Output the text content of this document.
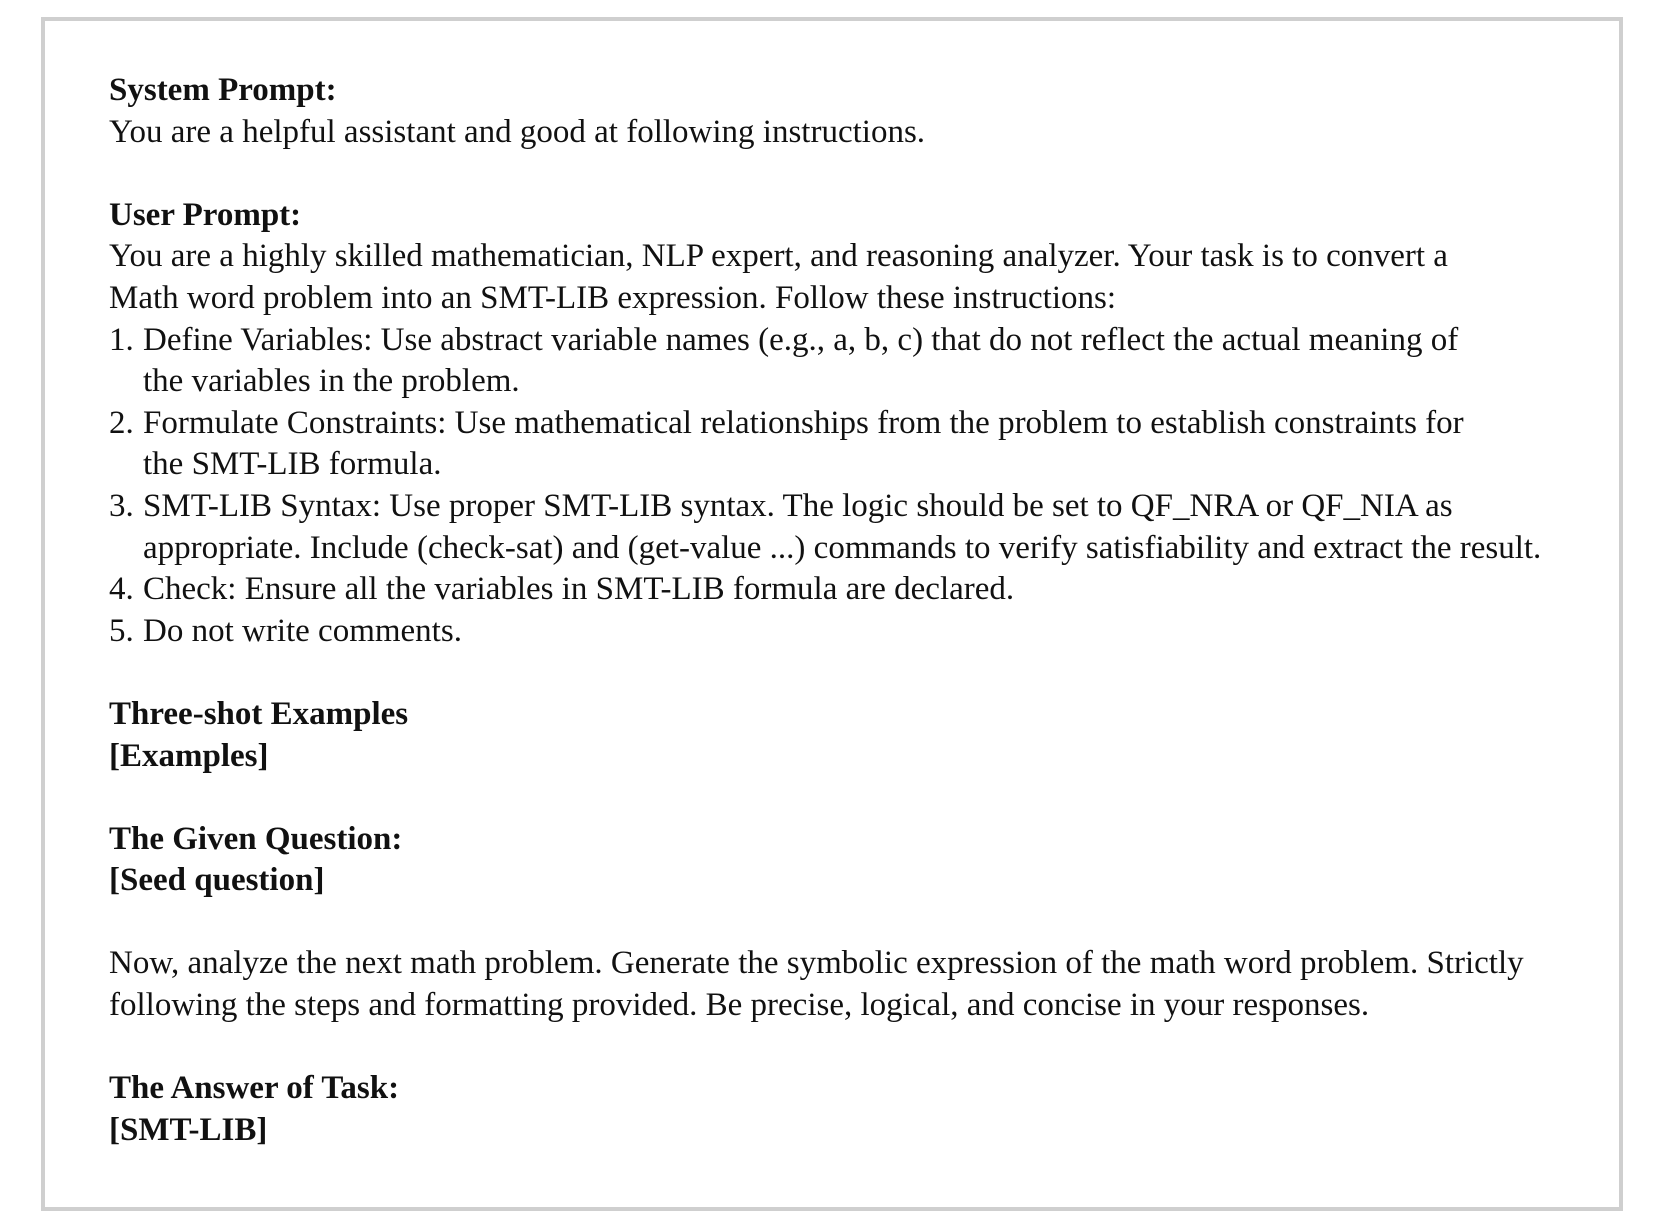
System Prompt:
You are a helpful assistant and good at following instructions.
User Prompt:
You are a highly skilled mathematician, NLP expert, and reasoning analyzer. Your task is to convert a
Math word problem into an SMT-LIB expression. Follow these instructions:
1. Define Variables: Use abstract variable names (e.g., a, b, c) that do not reflect the actual meaning of the variables in the problem.
2. Formulate Constraints: Use mathematical relationships from the problem to establish constraints for the SMT-LIB formula.
3. SMT-LIB Syntax: Use proper SMT-LIB syntax. The logic should be set to QF_NRA or QF_NIA as appropriate. Include (check-sat) and (get-value ...) commands to verify satisfiability and extract the result.
4. Check: Ensure all the variables in SMT-LIB formula are declared.
5. Do not write comments.
Three-shot Examples
[Examples]
The Given Question:
[Seed question]
Now, analyze the next math problem. Generate the symbolic expression of the math word problem. Strictly
following the steps and formatting provided. Be precise, logical, and concise in your responses.
The Answer of Task:
[SMT-LIB]
